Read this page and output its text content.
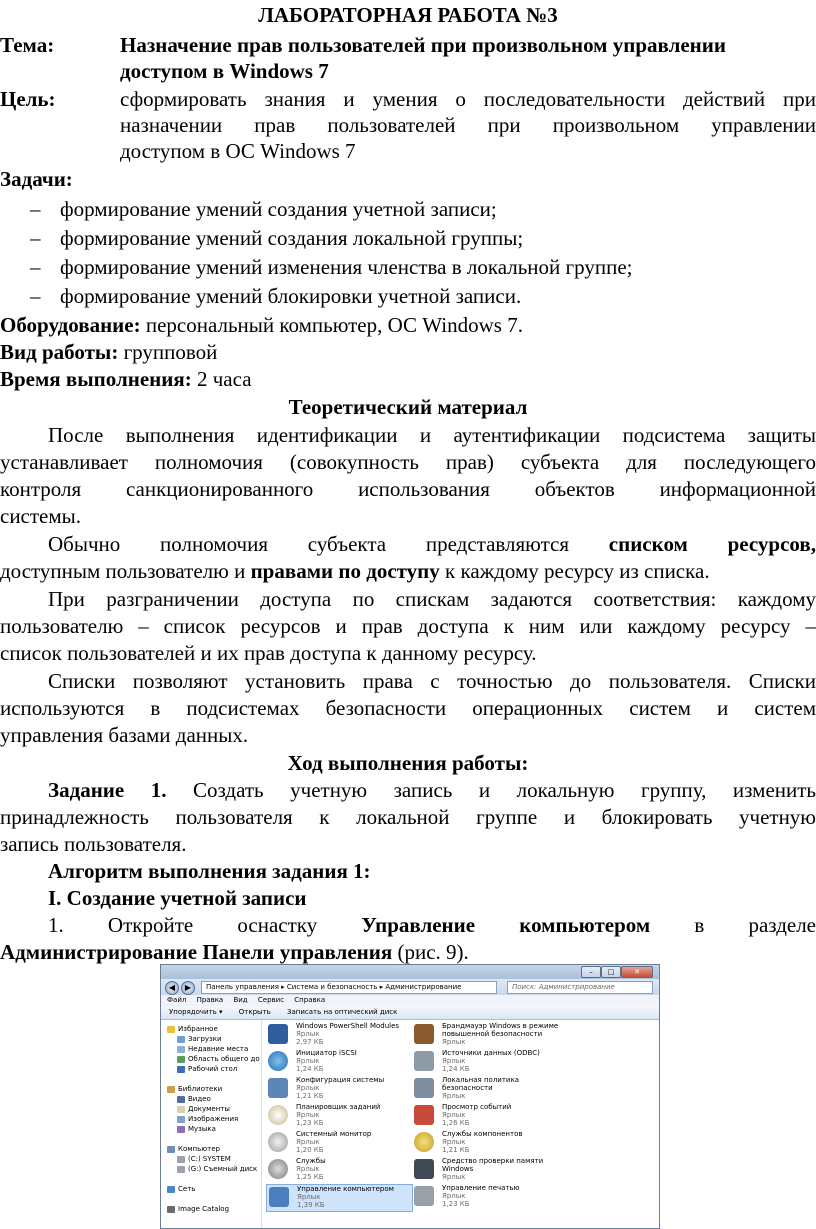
ЛАБОРАТОРНАЯ РАБОТА №3
Тема:	Назначение прав пользователей при произвольном управлении
доступом в Windows 7
Цель:	сформировать знания и умения о последовательности действий при
назначении прав пользователей при произвольном управлении
доступом в ОС Windows 7
Задачи:
– формирование умений создания учетной записи;
– формирование умений создания локальной группы;
– формирование умений изменения членства в локальной группе;
– формирование умений блокировки учетной записи.
Оборудование: персональный компьютер, ОС Windows 7.
Вид работы: групповой
Время выполнения: 2 часа
Теоретический материал
После выполнения идентификации и аутентификации подсистема защиты
устанавливает полномочия (совокупность прав) субъекта для последующего
контроля санкционированного использования объектов информационной
системы.
Обычно полномочия субъекта представляются списком ресурсов,
доступным пользователю и правами по доступу к каждому ресурсу из списка.
При разграничении доступа по спискам задаются соответствия: каждому
пользователю – список ресурсов и прав доступа к ним или каждому ресурсу –
список пользователей и их прав доступа к данному ресурсу.
Списки позволяют установить права с точностью до пользователя. Списки
используются в подсистемах безопасности операционных систем и систем
управления базами данных.
Ход выполнения работы:
Задание 1. Создать учетную запись и локальную группу, изменить
принадлежность пользователя к локальной группе и блокировать учетную
запись пользователя.
Алгоритм выполнения задания 1:
I. Создание учетной записи
1. Откройте оснастку Управление компьютером в разделе
Администрирование Панели управления (рис. 9).
–	□	✕
◀	▶	Панель управления ▸ Система и безопасность ▸ Администрирование	Поиск: Администрирование
Файл Правка Вид Сервис Справка
Упорядочить ▾ Открыть Записать на оптический диск
Избранное
Загрузки
Недавние места
Область общего до
Рабочий стол
Библиотеки
Видео
Документы
Изображения
Музыка
Компьютер
(C:) SYSTEM
(G:) Съемный диск
Сеть
Image Catalog
Windows PowerShell Modules
Ярлык
2,97 КБ
Инициатор iSCSI
Ярлык
1,24 КБ
Конфигурация системы
Ярлык
1,21 КБ
Планировщик заданий
Ярлык
1,23 КБ
Системный монитор
Ярлык
1,20 КБ
Службы
Ярлык
1,25 КБ
Управление компьютером
Ярлык
1,39 КБ
Брандмауэр Windows в режиме повышенной безопасности
Ярлык
Источники данных (ODBC)
Ярлык
1,24 КБ
Локальная политика безопасности
Ярлык
Просмотр событий
Ярлык
1,26 КБ
Службы компонентов
Ярлык
1,21 КБ
Средство проверки памяти Windows
Ярлык
Управление печатью
Ярлык
1,23 КБ
